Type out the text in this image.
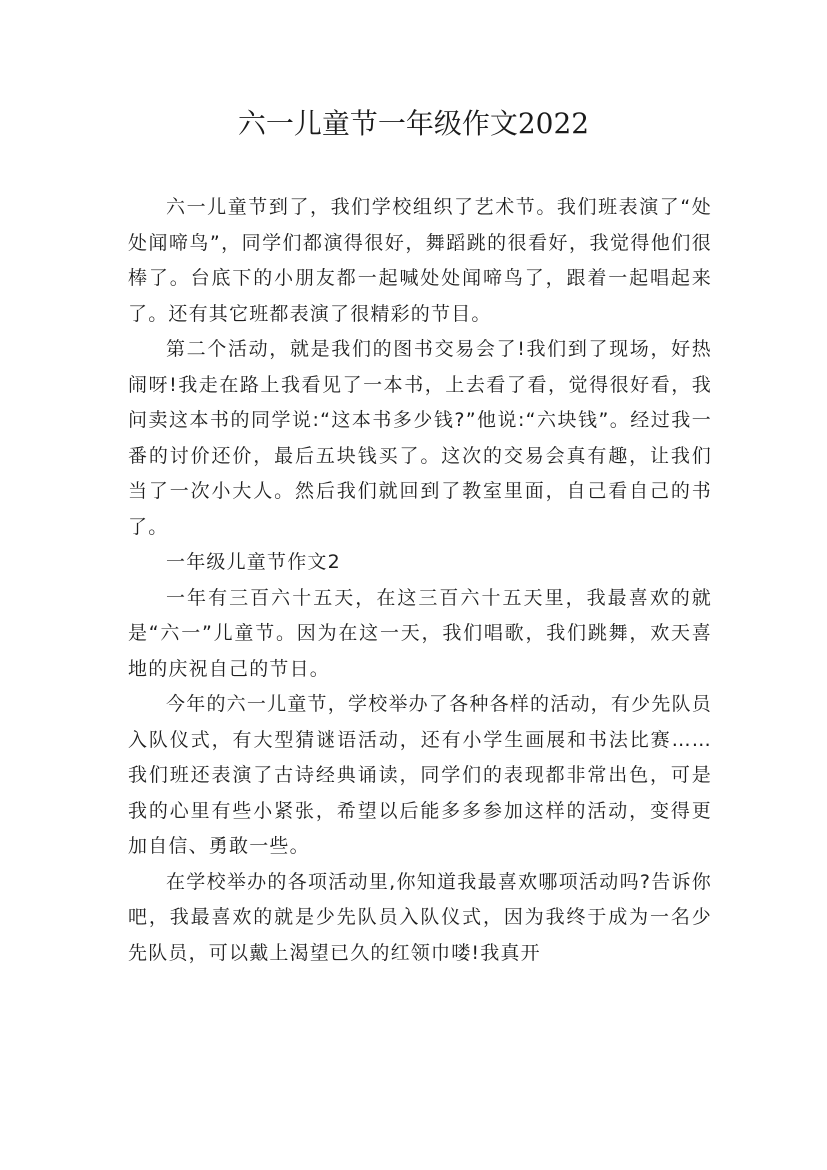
六一儿童节一年级作文2022

六一儿童节到了，我们学校组织了艺术节。我们班表演了“处处闻啼鸟”，同学们都演得很好，舞蹈跳的很看好，我觉得他们很棒了。台底下的小朋友都一起喊处处闻啼鸟了，跟着一起唱起来了。还有其它班都表演了很精彩的节目。

第二个活动，就是我们的图书交易会了!我们到了现场，好热闹呀!我走在路上我看见了一本书，上去看了看，觉得很好看，我问卖这本书的同学说:“这本书多少钱?”他说:“六块钱”。经过我一番的讨价还价，最后五块钱买了。这次的交易会真有趣，让我们当了一次小大人。然后我们就回到了教室里面，自己看自己的书了。

一年级儿童节作文2

一年有三百六十五天，在这三百六十五天里，我最喜欢的就是“六一”儿童节。因为在这一天，我们唱歌，我们跳舞，欢天喜地的庆祝自己的节日。

今年的六一儿童节，学校举办了各种各样的活动，有少先队员入队仪式，有大型猜谜语活动，还有小学生画展和书法比赛……我们班还表演了古诗经典诵读，同学们的表现都非常出色，可是我的心里有些小紧张，希望以后能多多参加这样的活动，变得更加自信、勇敢一些。

在学校举办的各项活动里,你知道我最喜欢哪项活动吗?告诉你吧，我最喜欢的就是少先队员入队仪式，因为我终于成为一名少先队员，可以戴上渴望已久的红领巾喽!我真开
